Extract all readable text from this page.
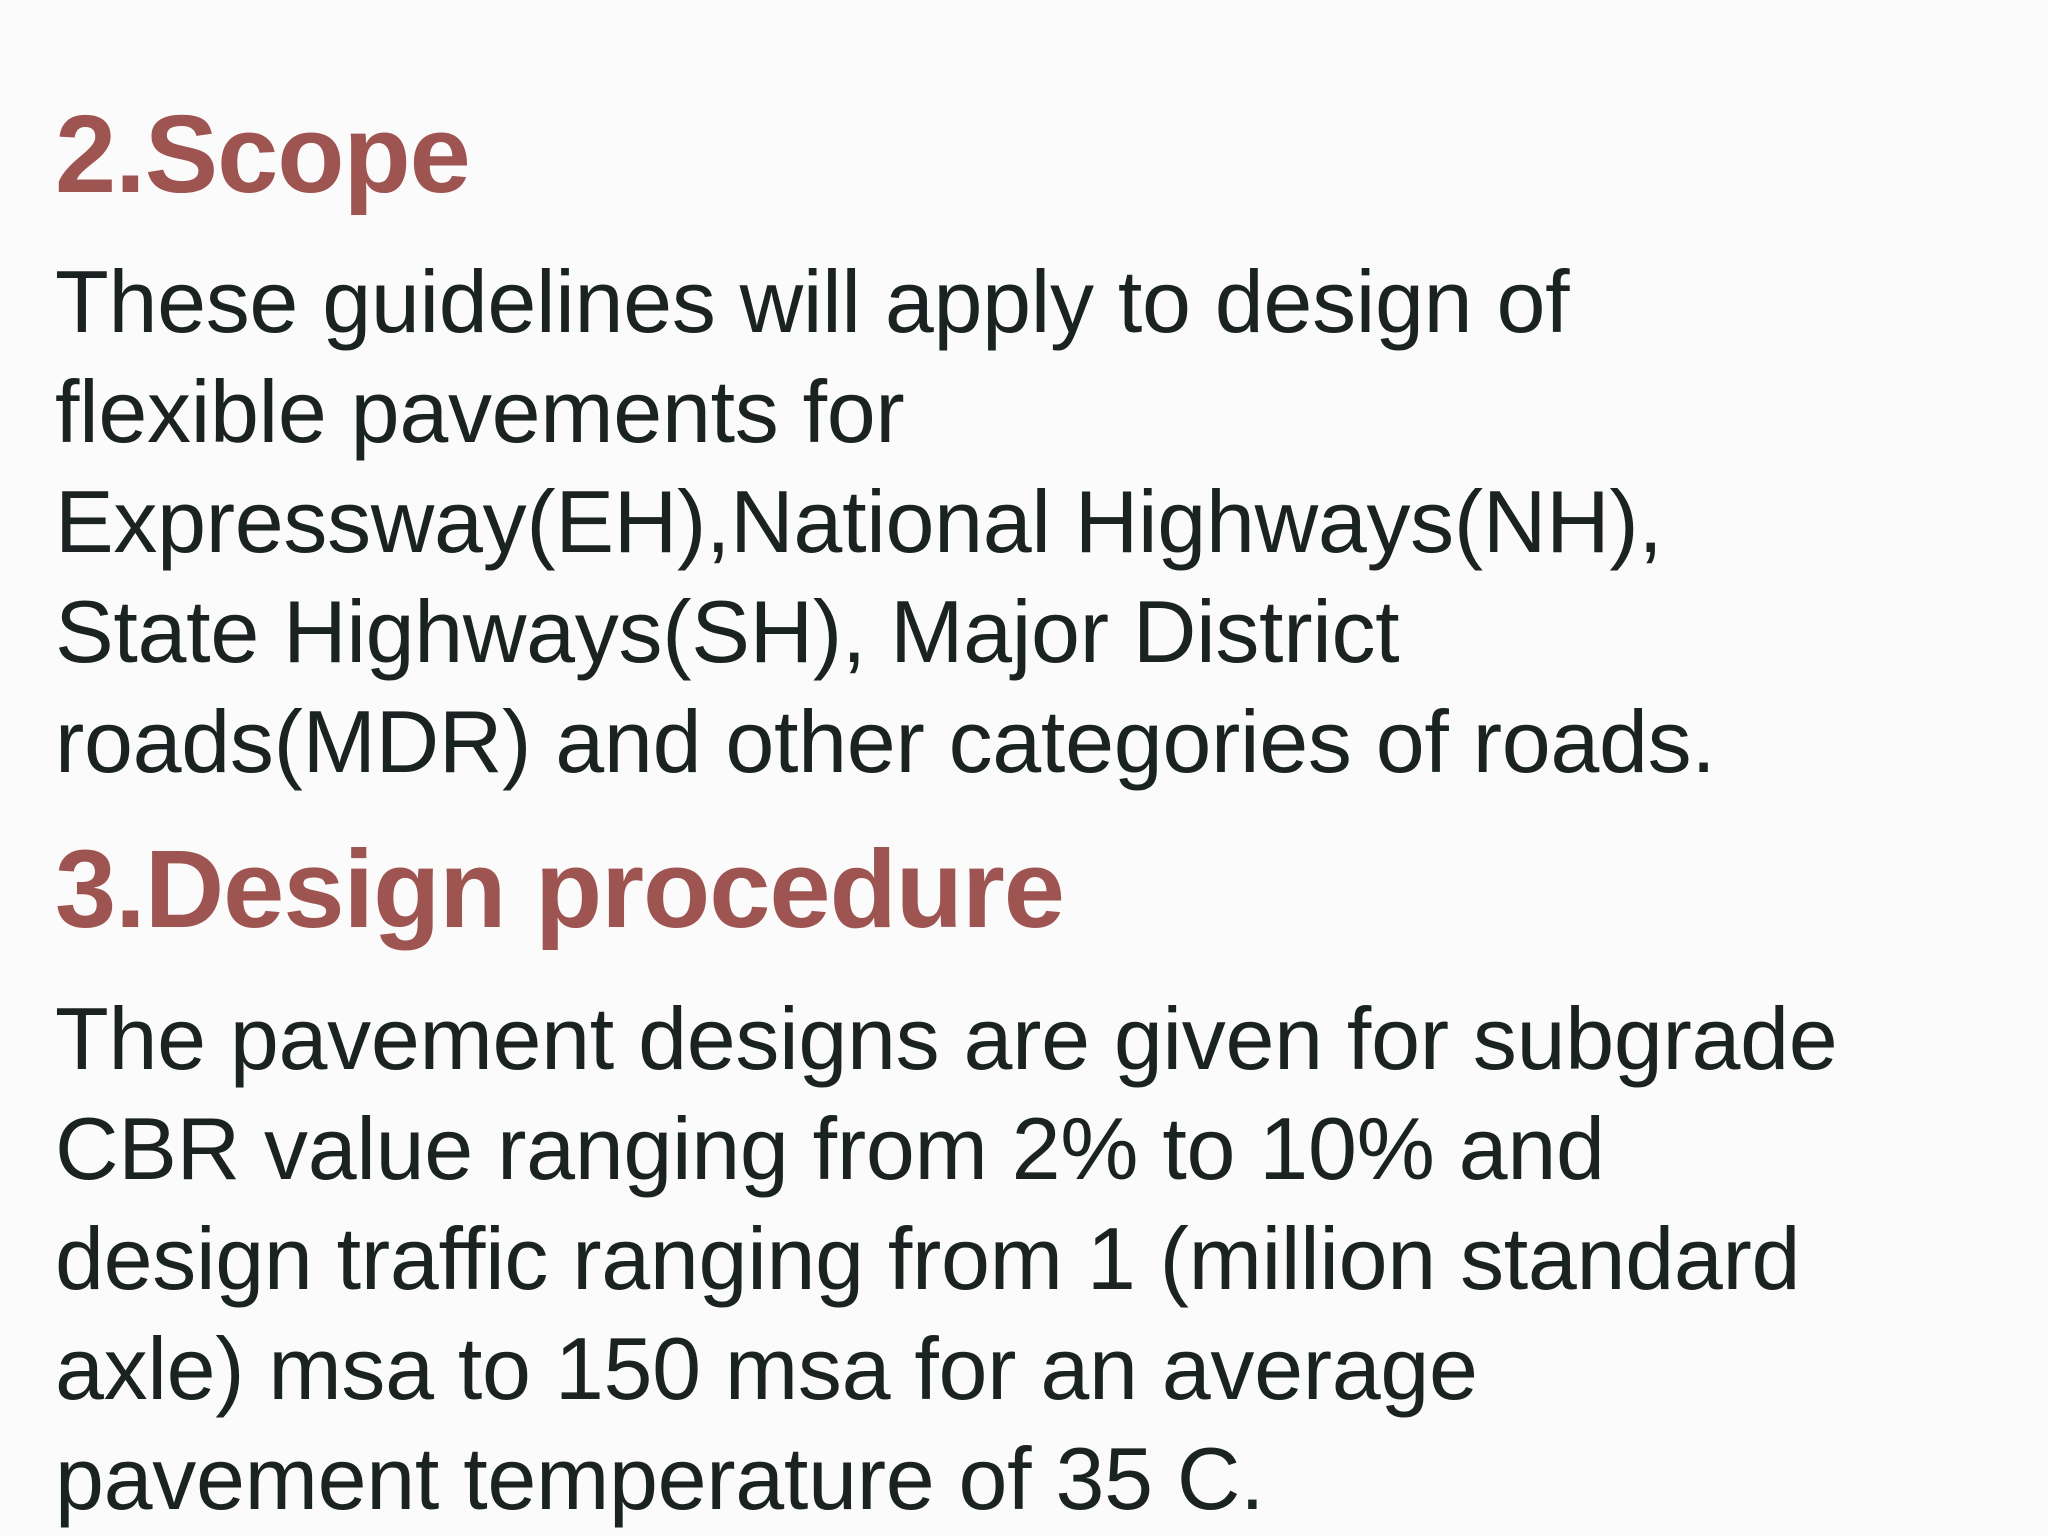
2.Scope

These guidelines will apply to design of
flexible pavements for
Expressway(EH),National Highways(NH),
State Highways(SH), Major District
roads(MDR) and other categories of roads.

3.Design procedure

The pavement designs are given for subgrade
CBR value ranging from 2% to 10% and
design traffic ranging from 1 (million standard
axle) msa to 150 msa for an average
pavement temperature of 35 C.
